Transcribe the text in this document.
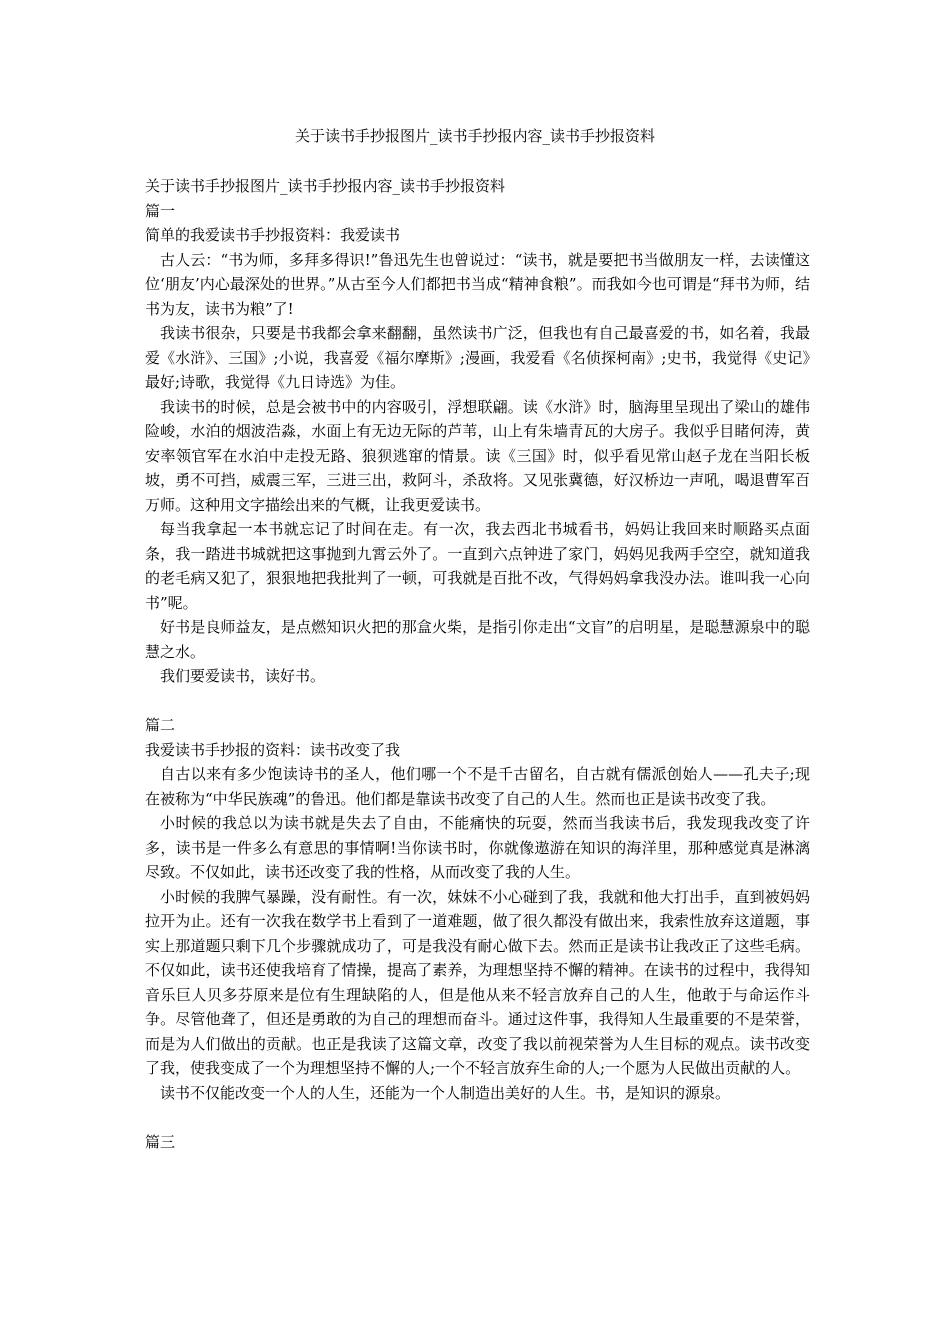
关于读书手抄报图片_读书手抄报内容_读书手抄报资料

关于读书手抄报图片_读书手抄报内容_读书手抄报资料

篇一

简单的我爱读书手抄报资料：我爱读书

古人云：“书为师，多拜多得识!”鲁迅先生也曾说过：“读书，就是要把书当做朋友一样，去读懂这位‘朋友’内心最深处的世界。”从古至今人们都把书当成“精神食粮”。而我如今也可谓是“拜书为师，结书为友，读书为粮”了!

我读书很杂，只要是书我都会拿来翻翻，虽然读书广泛，但我也有自己最喜爱的书，如名着，我最爱《水浒》、三国》;小说，我喜爱《福尔摩斯》;漫画，我爱看《名侦探柯南》;史书，我觉得《史记》最好;诗歌，我觉得《九日诗选》为佳。

我读书的时候，总是会被书中的内容吸引，浮想联翩。读《水浒》时，脑海里呈现出了梁山的雄伟险峻，水泊的烟波浩淼，水面上有无边无际的芦苇，山上有朱墙青瓦的大房子。我似乎目睹何涛，黄安率领官军在水泊中走投无路、狼狈逃窜的情景。读《三国》时，似乎看见常山赵子龙在当阳长板坡，勇不可挡，威震三军，三进三出，救阿斗，杀敌将。又见张冀德，好汉桥边一声吼，喝退曹军百万师。这种用文字描绘出来的气概，让我更爱读书。

每当我拿起一本书就忘记了时间在走。有一次，我去西北书城看书，妈妈让我回来时顺路买点面条，我一踏进书城就把这事抛到九霄云外了。一直到六点钟进了家门，妈妈见我两手空空，就知道我的老毛病又犯了，狠狠地把我批判了一顿，可我就是百批不改，气得妈妈拿我没办法。谁叫我一心向书”呢。

好书是良师益友，是点燃知识火把的那盒火柴，是指引你走出“文盲”的启明星，是聪慧源泉中的聪慧之水。

我们要爱读书，读好书。

篇二

我爱读书手抄报的资料：读书改变了我

自古以来有多少饱读诗书的圣人，他们哪一个不是千古留名，自古就有儒派创始人——孔夫子;现在被称为“中华民族魂”的鲁迅。他们都是靠读书改变了自己的人生。然而也正是读书改变了我。

小时候的我总以为读书就是失去了自由，不能痛快的玩耍，然而当我读书后，我发现我改变了许多，读书是一件多么有意思的事情啊!当你读书时，你就像遨游在知识的海洋里，那种感觉真是淋漓尽致。不仅如此，读书还改变了我的性格，从而改变了我的人生。

小时候的我脾气暴躁，没有耐性。有一次，妹妹不小心碰到了我，我就和他大打出手，直到被妈妈拉开为止。还有一次我在数学书上看到了一道难题，做了很久都没有做出来，我索性放弃这道题，事实上那道题只剩下几个步骤就成功了，可是我没有耐心做下去。然而正是读书让我改正了这些毛病。不仅如此，读书还使我培育了情操，提高了素养，为理想坚持不懈的精神。在读书的过程中，我得知音乐巨人贝多芬原来是位有生理缺陷的人，但是他从来不轻言放弃自己的人生，他敢于与命运作斗争。尽管他聋了，但还是勇敢的为自己的理想而奋斗。通过这件事，我得知人生最重要的不是荣誉，而是为人们做出的贡献。也正是我读了这篇文章，改变了我以前视荣誉为人生目标的观点。读书改变了我，使我变成了一个为理想坚持不懈的人;一个不轻言放弃生命的人;一个愿为人民做出贡献的人。

读书不仅能改变一个人的人生，还能为一个人制造出美好的人生。书，是知识的源泉。

篇三
